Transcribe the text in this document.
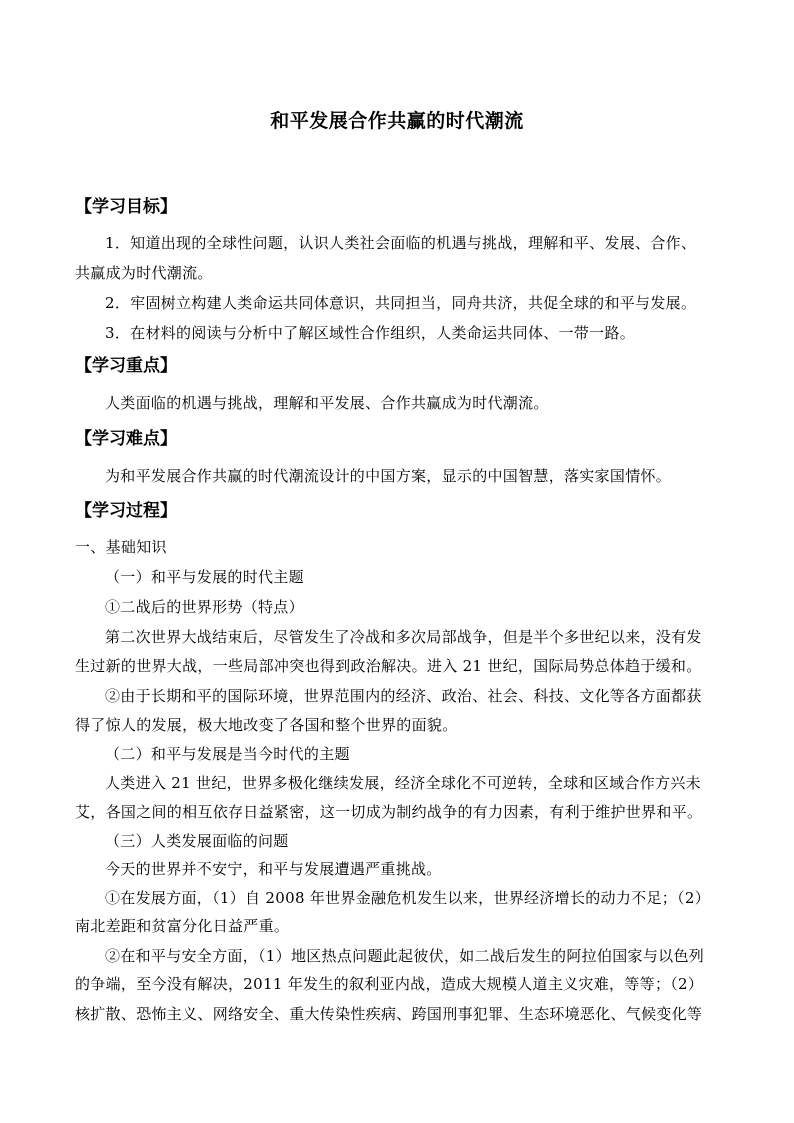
和平发展合作共赢的时代潮流
【学习目标】
1．知道出现的全球性问题，认识人类社会面临的机遇与挑战，理解和平、发展、合作、
共赢成为时代潮流。
2．牢固树立构建人类命运共同体意识，共同担当，同舟共济，共促全球的和平与发展。
3．在材料的阅读与分析中了解区域性合作组织，人类命运共同体、一带一路。
【学习重点】
人类面临的机遇与挑战，理解和平发展、合作共赢成为时代潮流。
【学习难点】
为和平发展合作共赢的时代潮流设计的中国方案，显示的中国智慧，落实家国情怀。
【学习过程】
一、基础知识
（一）和平与发展的时代主题
①二战后的世界形势（特点）
第二次世界大战结束后，尽管发生了冷战和多次局部战争，但是半个多世纪以来，没有发
生过新的世界大战，一些局部冲突也得到政治解决。进入 21 世纪，国际局势总体趋于缓和。
②由于长期和平的国际环境，世界范围内的经济、政治、社会、科技、文化等各方面都获
得了惊人的发展，极大地改变了各国和整个世界的面貌。
（二）和平与发展是当今时代的主题
人类进入 21 世纪，世界多极化继续发展，经济全球化不可逆转，全球和区域合作方兴未
艾，各国之间的相互依存日益紧密，这一切成为制约战争的有力因素，有利于维护世界和平。
（三）人类发展面临的问题
今天的世界并不安宁，和平与发展遭遇严重挑战。
①在发展方面，（1）自 2008 年世界金融危机发生以来，世界经济增长的动力不足；（2）
南北差距和贫富分化日益严重。
②在和平与安全方面，（1）地区热点问题此起彼伏，如二战后发生的阿拉伯国家与以色列
的争端，至今没有解决，2011 年发生的叙利亚内战，造成大规模人道主义灾难，等等；（2）
核扩散、恐怖主义、网络安全、重大传染性疾病、跨国刑事犯罪、生态环境恶化、气候变化等
